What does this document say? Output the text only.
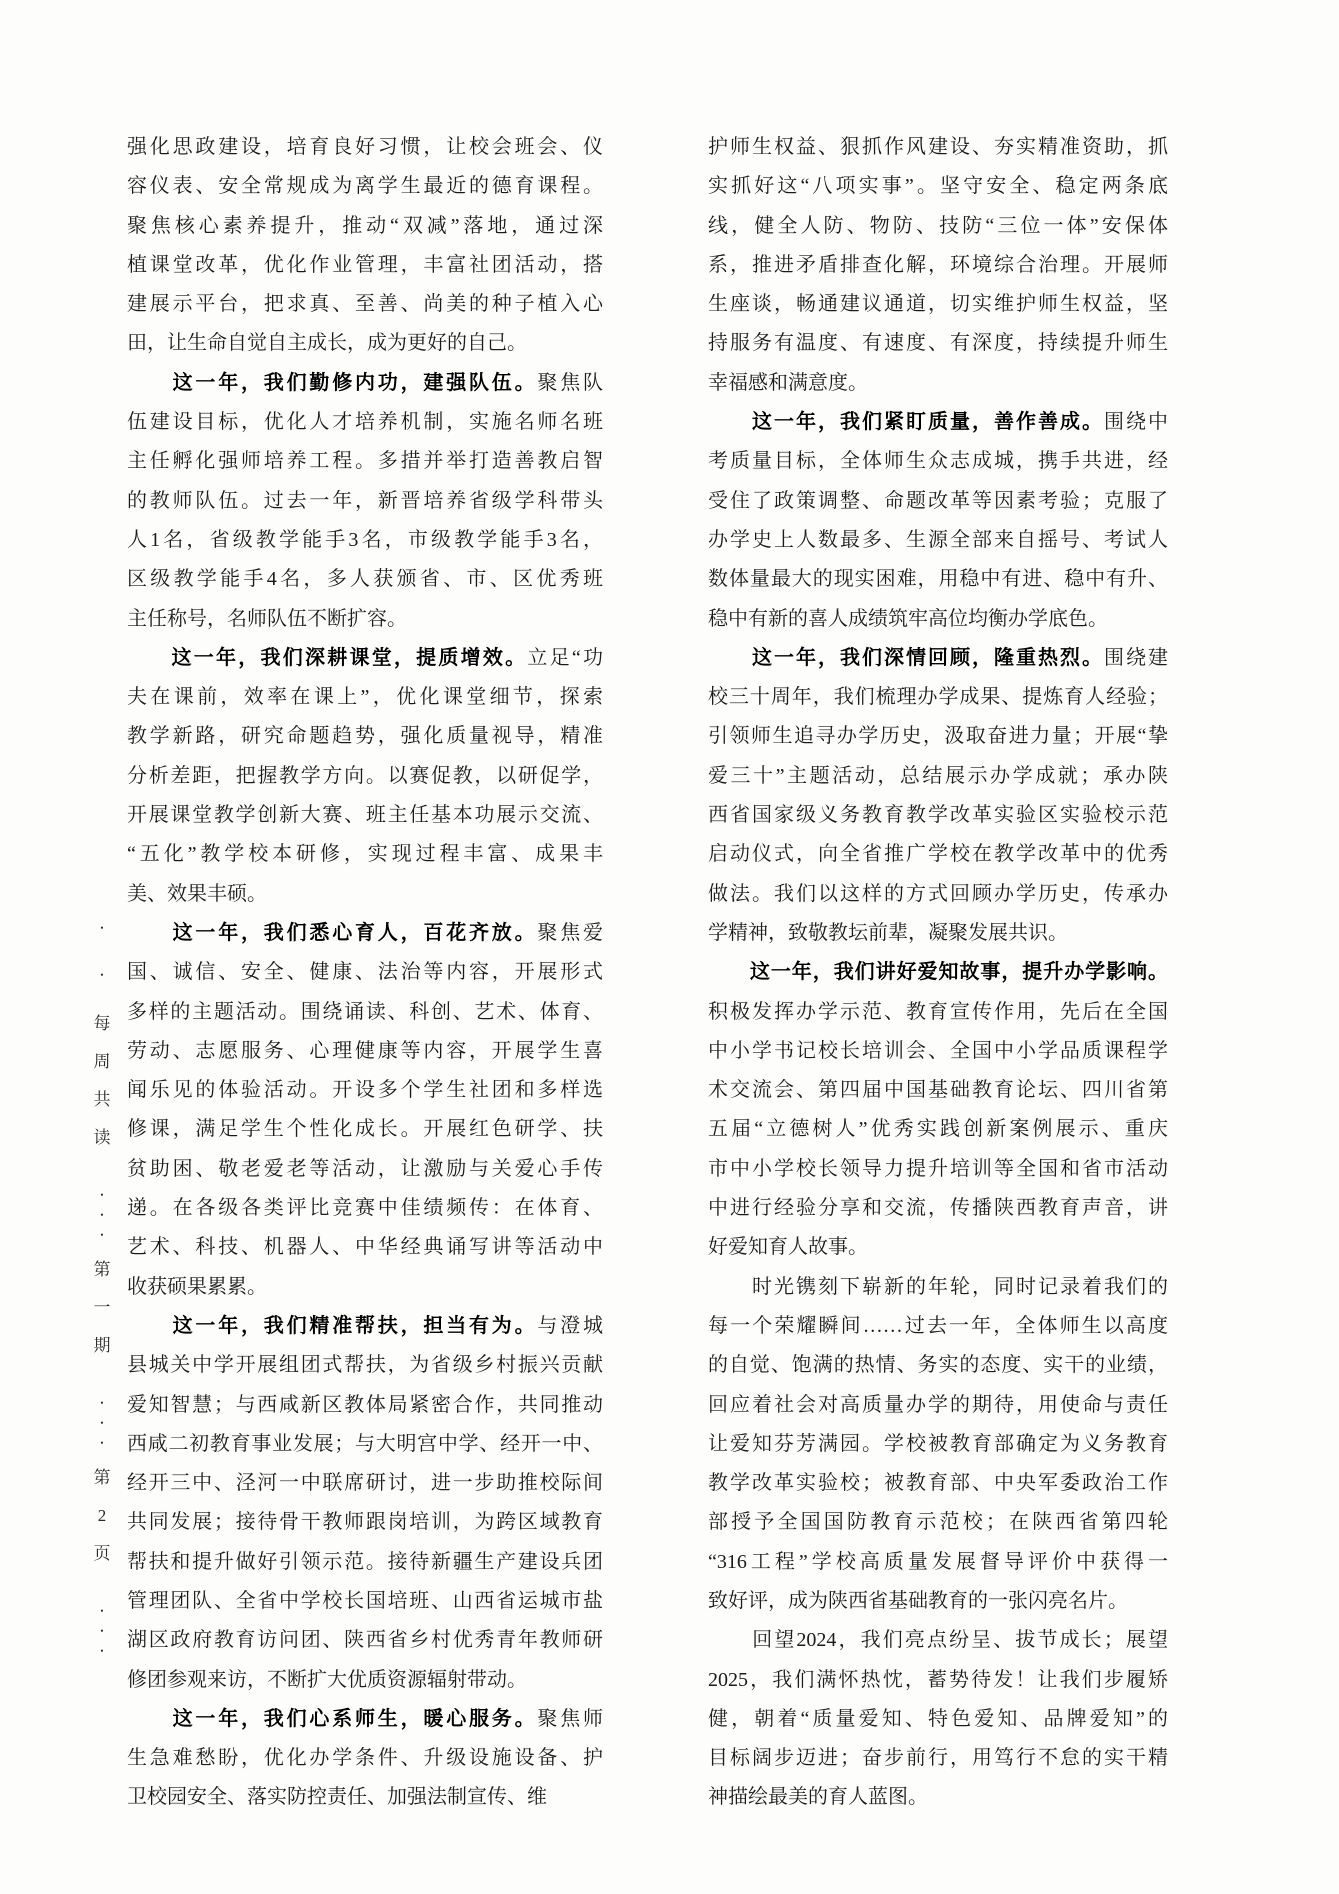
•
•
每
周
共
读
•
•
•
第
一
期
•
•
•
第
2
页
•
•
•
强化思政建设，培育良好习惯，让校会班会、仪
容仪表、安全常规成为离学生最近的德育课程。
聚焦核心素养提升，推动“双减”落地，通过深
植课堂改革，优化作业管理，丰富社团活动，搭
建展示平台，把求真、至善、尚美的种子植入心
田，让生命自觉自主成长，成为更好的自己。
　　这一年，我们勤修内功，建强队伍。聚焦队
伍建设目标，优化人才培养机制，实施名师名班
主任孵化强师培养工程。多措并举打造善教启智
的教师队伍。过去一年，新晋培养省级学科带头
人1名，省级教学能手3名，市级教学能手3名，
区级教学能手4名，多人获颁省、市、区优秀班
主任称号，名师队伍不断扩容。
　　这一年，我们深耕课堂，提质增效。立足“功
夫在课前，效率在课上”，优化课堂细节，探索
教学新路，研究命题趋势，强化质量视导，精准
分析差距，把握教学方向。以赛促教，以研促学，
开展课堂教学创新大赛、班主任基本功展示交流、
“五化”教学校本研修，实现过程丰富、成果丰
美、效果丰硕。
　　这一年，我们悉心育人，百花齐放。聚焦爱
国、诚信、安全、健康、法治等内容，开展形式
多样的主题活动。围绕诵读、科创、艺术、体育、
劳动、志愿服务、心理健康等内容，开展学生喜
闻乐见的体验活动。开设多个学生社团和多样选
修课，满足学生个性化成长。开展红色研学、扶
贫助困、敬老爱老等活动，让激励与关爱心手传
递。在各级各类评比竞赛中佳绩频传：在体育、
艺术、科技、机器人、中华经典诵写讲等活动中
收获硕果累累。
　　这一年，我们精准帮扶，担当有为。与澄城
县城关中学开展组团式帮扶，为省级乡村振兴贡献
爱知智慧；与西咸新区教体局紧密合作，共同推动
西咸二初教育事业发展；与大明宫中学、经开一中、
经开三中、泾河一中联席研讨，进一步助推校际间
共同发展；接待骨干教师跟岗培训，为跨区域教育
帮扶和提升做好引领示范。接待新疆生产建设兵团
管理团队、全省中学校长国培班、山西省运城市盐
湖区政府教育访问团、陕西省乡村优秀青年教师研
修团参观来访，不断扩大优质资源辐射带动。
　　这一年，我们心系师生，暖心服务。聚焦师
生急难愁盼，优化办学条件、升级设施设备、护
卫校园安全、落实防控责任、加强法制宣传、维
护师生权益、狠抓作风建设、夯实精准资助，抓
实抓好这“八项实事”。坚守安全、稳定两条底
线，健全人防、物防、技防“三位一体”安保体
系，推进矛盾排查化解，环境综合治理。开展师
生座谈，畅通建议通道，切实维护师生权益，坚
持服务有温度、有速度、有深度，持续提升师生
幸福感和满意度。
　　这一年，我们紧盯质量，善作善成。围绕中
考质量目标，全体师生众志成城，携手共进，经
受住了政策调整、命题改革等因素考验；克服了
办学史上人数最多、生源全部来自摇号、考试人
数体量最大的现实困难，用稳中有进、稳中有升、
稳中有新的喜人成绩筑牢高位均衡办学底色。
　　这一年，我们深情回顾，隆重热烈。围绕建
校三十周年，我们梳理办学成果、提炼育人经验；
引领师生追寻办学历史，汲取奋进力量；开展“挚
爱三十”主题活动，总结展示办学成就；承办陕
西省国家级义务教育教学改革实验区实验校示范
启动仪式，向全省推广学校在教学改革中的优秀
做法。我们以这样的方式回顾办学历史，传承办
学精神，致敬教坛前辈，凝聚发展共识。
　　这一年，我们讲好爱知故事，提升办学影响。
积极发挥办学示范、教育宣传作用，先后在全国
中小学书记校长培训会、全国中小学品质课程学
术交流会、第四届中国基础教育论坛、四川省第
五届“立德树人”优秀实践创新案例展示、重庆
市中小学校长领导力提升培训等全国和省市活动
中进行经验分享和交流，传播陕西教育声音，讲
好爱知育人故事。
　　时光镌刻下崭新的年轮，同时记录着我们的
每一个荣耀瞬间……过去一年，全体师生以高度
的自觉、饱满的热情、务实的态度、实干的业绩，
回应着社会对高质量办学的期待，用使命与责任
让爱知芬芳满园。学校被教育部确定为义务教育
教学改革实验校；被教育部、中央军委政治工作
部授予全国国防教育示范校；在陕西省第四轮
“316工程”学校高质量发展督导评价中获得一
致好评，成为陕西省基础教育的一张闪亮名片。
　　回望2024，我们亮点纷呈、拔节成长；展望
2025，我们满怀热忱，蓄势待发！让我们步履矫
健，朝着“质量爱知、特色爱知、品牌爱知”的
目标阔步迈进；奋步前行，用笃行不怠的实干精
神描绘最美的育人蓝图。
